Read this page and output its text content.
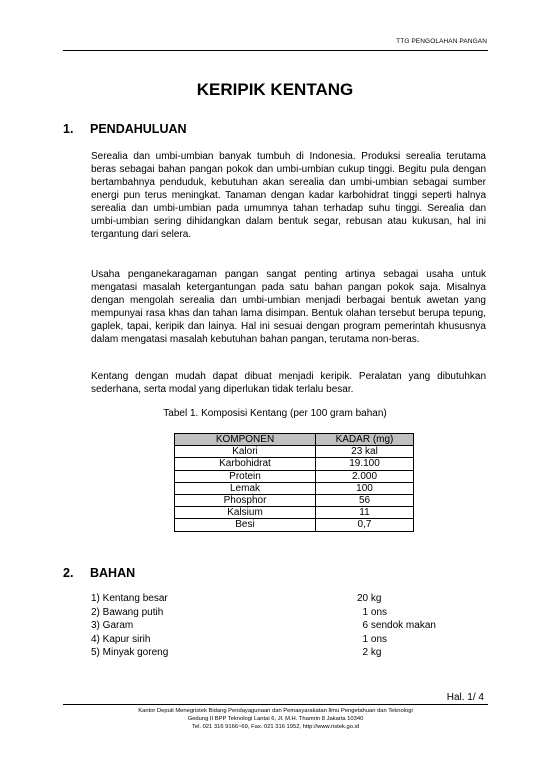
TTG PENGOLAHAN PANGAN
KERIPIK KENTANG
1. PENDAHULUAN

Serealia dan umbi-umbian banyak tumbuh di Indonesia. Produksi serealia terutama beras sebagai bahan pangan pokok dan umbi-umbian cukup tinggi. Begitu pula dengan bertambahnya penduduk, kebutuhan akan serealia dan umbi-umbian sebagai sumber energi pun terus meningkat. Tanaman dengan kadar karbohidrat tinggi seperti halnya serealia dan umbi-umbian pada umumnya tahan terhadap suhu tinggi. Serealia dan umbi-umbian sering dihidangkan dalam bentuk segar, rebusan atau kukusan, hal ini tergantung dari selera.

Usaha penganekaragaman pangan sangat penting artinya sebagai usaha untuk mengatasi masalah ketergantungan pada satu bahan pangan pokok saja. Misalnya dengan mengolah serealia dan umbi-umbian menjadi berbagai bentuk awetan yang mempunyai rasa khas dan tahan lama disimpan. Bentuk olahan tersebut berupa tepung, gaplek, tapai, keripik dan lainya. Hal ini sesuai dengan program pemerintah khususnya dalam mengatasi masalah kebutuhan bahan pangan, terutama non-beras.

Kentang dengan mudah dapat dibuat menjadi keripik. Peralatan yang dibutuhkan sederhana, serta modal yang diperlukan tidak terlalu besar.

Tabel 1. Komposisi Kentang (per 100 gram bahan)
KOMPONEN	KADAR (mg)
Kalori	23 kal
Karbohidrat	19.100
Protein	2.000
Lemak	100
Phosphor	56
Kalsium	11
Besi	0,7
2. BAHAN
1) Kentang besar	20 kg
2) Bawang putih	1 ons
3) Garam	6 sendok makan
4) Kapur sirih	1 ons
5) Minyak goreng	2 kg
Hal. 1/ 4
Kantor Deputi Menegristek Bidang Pendayagunaan dan Pemasyarakatan Ilmu Pengetahuan dan Teknologi
Gedung II BPP Teknologi Lantai 6, Jl. M.H. Thamrin 8 Jakarta 10340
Tel. 021 316 9166~69, Fax. 021 316 1952, http://www.ristek.go.id
